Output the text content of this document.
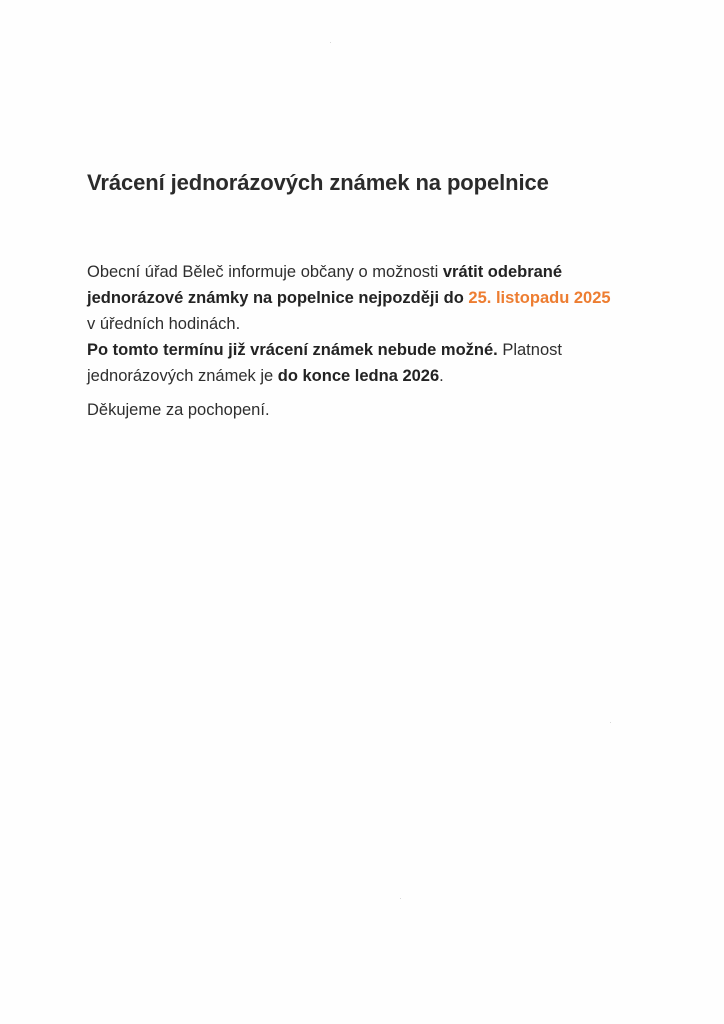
Vrácení jednorázových známek na popelnice

Obecní úřad Běleč informuje občany o možnosti vrátit odebrané
jednorázové známky na popelnice nejpozději do 25. listopadu 2025
v úředních hodinách.

Po tomto termínu již vrácení známek nebude možné. Platnost
jednorázových známek je do konce ledna 2026.

Děkujeme za pochopení.
